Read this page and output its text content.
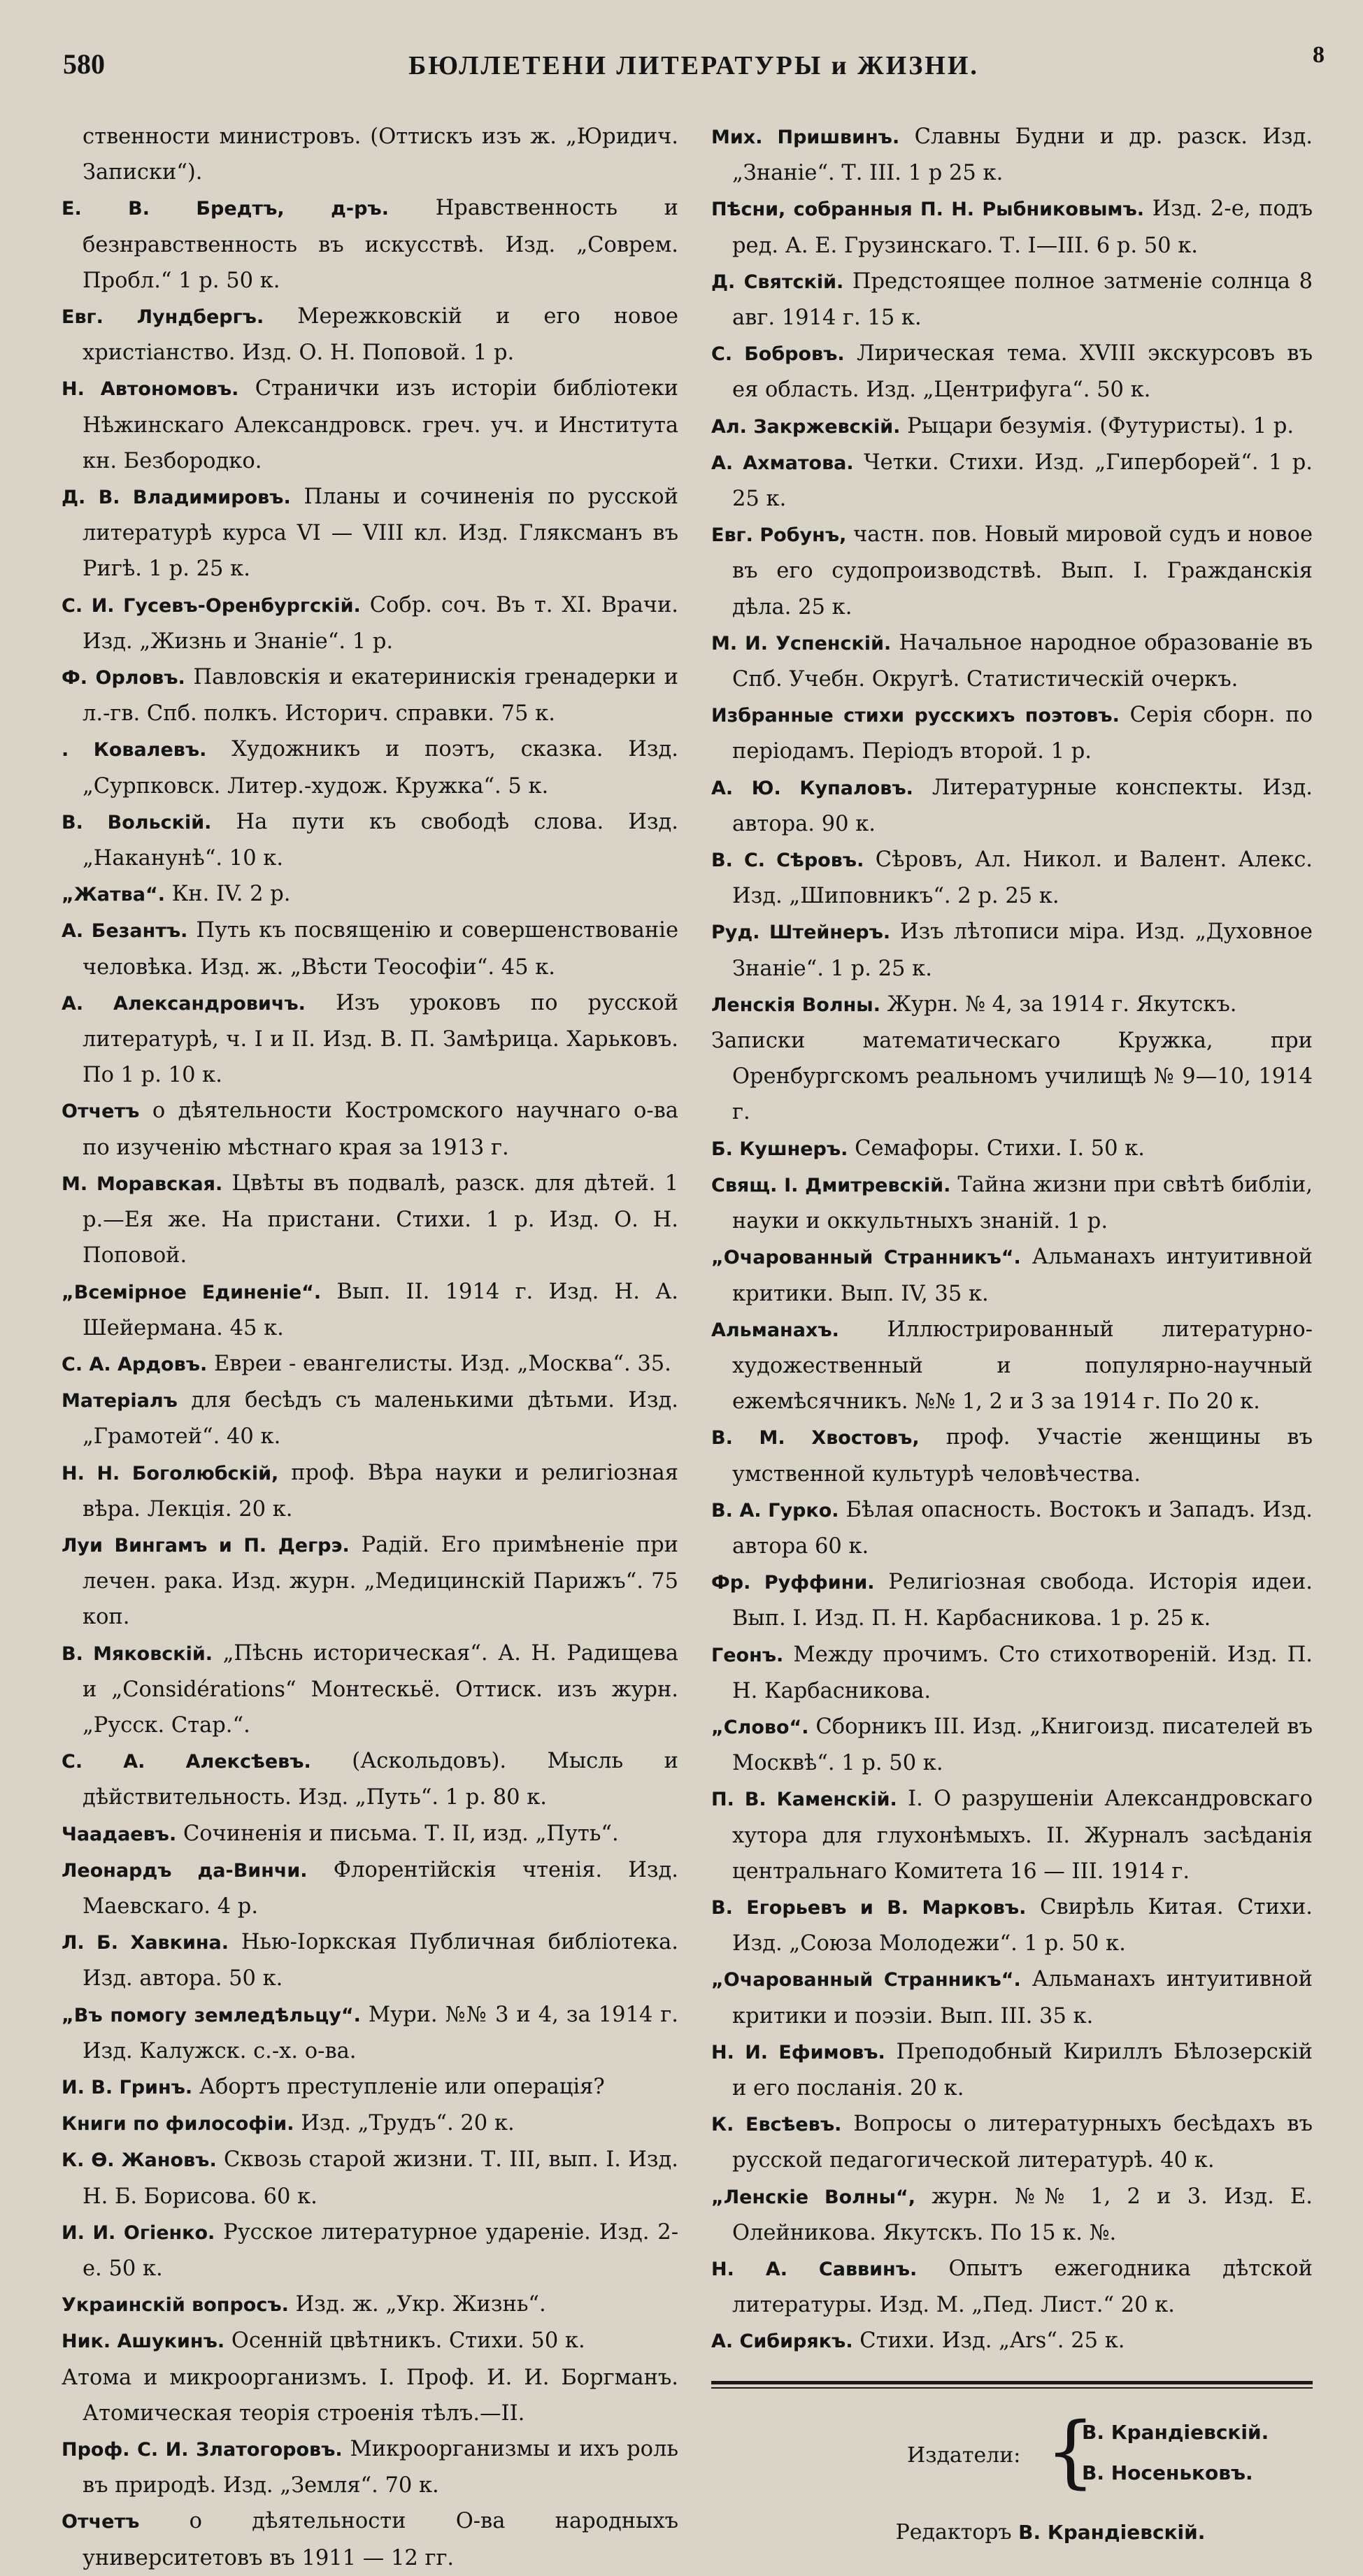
580	БЮЛЛЕТЕНИ ЛИТЕРАТУРЫ и ЖИЗНИ.	8
ственности министровъ. (Оттискъ изъ ж. „Юридич. Записки“).
Е. В. Бредтъ, д-ръ. Нравственность и безнравственность въ искусствѣ. Изд. „Соврем. Пробл.“ 1 р. 50 к.
Евг. Лундбергъ. Мережковскій и его новое христіанство. Изд. О. Н. Поповой. 1 р.
Н. Автономовъ. Странички изъ исторіи библіотеки Нѣжинскаго Александровск. греч. уч. и Института кн. Безбородко.
Д. В. Владимировъ. Планы и сочиненія по русской литературѣ курса VI — VIII кл. Изд. Гляксманъ въ Ригѣ. 1 р. 25 к.
С. И. Гусевъ-Оренбургскій. Собр. соч. Въ т. XI. Врачи. Изд. „Жизнь и Знаніе“. 1 р.
Ф. Орловъ. Павловскія и екатеринискія гренадерки и л.-гв. Спб. полкъ. Историч. справки. 75 к.
. Ковалевъ. Художникъ и поэтъ, сказка. Изд. „Сурпковск. Литер.-худож. Кружка“. 5 к.
В. Вольскій. На пути къ свободѣ слова. Изд. „Наканунѣ“. 10 к.
„Жатва“. Кн. IV. 2 р.
А. Безантъ. Путь къ посвященію и совершенствованіе человѣка. Изд. ж. „Вѣсти Теософіи“. 45 к.
А. Александровичъ. Изъ уроковъ по русской литературѣ, ч. I и II. Изд. В. П. Замѣрица. Харьковъ. По 1 р. 10 к.
Отчетъ о дѣятельности Костромского научнаго о-ва по изученію мѣстнаго края за 1913 г.
М. Моравская. Цвѣты въ подвалѣ, разск. для дѣтей. 1 р.—Ея же. На пристани. Стихи. 1 р. Изд. О. Н. Поповой.
„Всемірное Единеніе“. Вып. II. 1914 г. Изд. Н. А. Шейермана. 45 к.
С. А. Ардовъ. Евреи - евангелисты. Изд. „Москва“. 35.
Матеріалъ для бесѣдъ съ маленькими дѣтьми. Изд. „Грамотей“. 40 к.
Н. Н. Боголюбскій, проф. Вѣра науки и религіозная вѣра. Лекція. 20 к.
Луи Вингамъ и П. Дегрэ. Радій. Его примѣненіе при лечен. рака. Изд. журн. „Медицинскій Парижъ“. 75 коп.
В. Мяковскій. „Пѣснь историческая“. А. Н. Радищева и „Considérations“ Монтескьё. Оттиск. изъ журн. „Русск. Стар.“.
С. А. Алексѣевъ. (Аскольдовъ). Мысль и дѣйствительность. Изд. „Путь“. 1 р. 80 к.
Чаадаевъ. Сочиненія и письма. Т. II, изд. „Путь“.
Леонардъ да-Винчи. Флорентійскія чтенія. Изд. Маевскаго. 4 р.
Л. Б. Хавкина. Нью-Іоркская Публичная библіотека. Изд. автора. 50 к.
„Въ помогу земледѣльцу“. Мури. №№ 3 и 4, за 1914 г. Изд. Калужск. с.-х. о-ва.
И. В. Гринъ. Абортъ преступленіе или операція?
Книги по философіи. Изд. „Трудъ“. 20 к.
К. Ѳ. Жановъ. Сквозь старой жизни. Т. III, вып. I. Изд. Н. Б. Борисова. 60 к.
И. И. Огіенко. Русское литературное удареніе. Изд. 2-е. 50 к.
Украинскій вопросъ. Изд. ж. „Укр. Жизнь“.
Ник. Ашукинъ. Осенній цвѣтникъ. Стихи. 50 к.
Атома и микроорганизмъ. I. Проф. И. И. Боргманъ. Атомическая теорія строенія тѣлъ.—II.
Проф. С. И. Златогоровъ. Микроорганизмы и ихъ роль въ природѣ. Изд. „Земля“. 70 к.
Отчетъ о дѣятельности О-ва народныхъ университетовъ въ 1911 — 12 гг.
Мих. Пришвинъ. Славны Будни и др. разск. Изд. „Знаніе“. Т. III. 1 р 25 к.
Пѣсни, собранныя П. Н. Рыбниковымъ. Изд. 2-е, подъ ред. А. Е. Грузинскаго. Т. I—III. 6 р. 50 к.
Д. Святскій. Предстоящее полное затменіе солнца 8 авг. 1914 г. 15 к.
С. Бобровъ. Лирическая тема. XVIII экскурсовъ въ ея область. Изд. „Центрифуга“. 50 к.
Ал. Закржевскій. Рыцари безумія. (Футуристы). 1 р.
А. Ахматова. Четки. Стихи. Изд. „Гиперборей“. 1 р. 25 к.
Евг. Робунъ, частн. пов. Новый мировой судъ и новое въ его судопроизводствѣ. Вып. I. Гражданскія дѣла. 25 к.
М. И. Успенскій. Начальное народное образованіе въ Спб. Учебн. Округѣ. Статистическій очеркъ.
Избранные стихи русскихъ поэтовъ. Серія сборн. по періодамъ. Періодъ второй. 1 р.
А. Ю. Купаловъ. Литературные конспекты. Изд. автора. 90 к.
В. С. Сѣровъ. Сѣровъ, Ал. Никол. и Валент. Алекс. Изд. „Шиповникъ“. 2 р. 25 к.
Руд. Штейнеръ. Изъ лѣтописи міра. Изд. „Духовное Знаніе“. 1 р. 25 к.
Ленскія Волны. Журн. № 4, за 1914 г. Якутскъ.
Записки математическаго Кружка, при Оренбургскомъ реальномъ училищѣ № 9—10, 1914 г.
Б. Кушнеръ. Семафоры. Стихи. I. 50 к.
Свящ. I. Дмитревскій. Тайна жизни при свѣтѣ библіи, науки и оккультныхъ знаній. 1 р.
„Очарованный Странникъ“. Альманахъ интуитивной критики. Вып. IV, 35 к.
Альманахъ. Иллюстрированный литературно-художественный и популярно-научный ежемѣсячникъ. №№ 1, 2 и 3 за 1914 г. По 20 к.
В. М. Хвостовъ, проф. Участіе женщины въ умственной культурѣ человѣчества.
В. А. Гурко. Бѣлая опасность. Востокъ и Западъ. Изд. автора 60 к.
Фр. Руффини. Религіозная свобода. Исторія идеи. Вып. I. Изд. П. Н. Карбасникова. 1 р. 25 к.
Геонъ. Между прочимъ. Сто стихотвореній. Изд. П. Н. Карбасникова.
„Слово“. Сборникъ III. Изд. „Книгоизд. писателей въ Москвѣ“. 1 р. 50 к.
П. В. Каменскій. I. О разрушеніи Александровскаго хутора для глухонѣмыхъ. II. Журналъ засѣданія центральнаго Комитета 16 — III. 1914 г.
В. Егорьевъ и В. Марковъ. Свирѣль Китая. Стихи. Изд. „Союза Молодежи“. 1 р. 50 к.
„Очарованный Странникъ“. Альманахъ интуитивной критики и поэзіи. Вып. III. 35 к.
Н. И. Ефимовъ. Преподобный Кириллъ Бѣлозерскій и его посланія. 20 к.
К. Евсѣевъ. Вопросы о литературныхъ бесѣдахъ въ русской педагогической литературѣ. 40 к.
„Ленскіе Волны“, журн. №№ 1, 2 и 3. Изд. Е. Олейникова. Якутскъ. По 15 к. №.
Н. А. Саввинъ. Опытъ ежегодника дѣтской литературы. Изд. М. „Пед. Лист.“ 20 к.
А. Сибирякъ. Стихи. Изд. „Ars“. 25 к.
Издатели: {
В. Крандіевскій.
В. Носеньковъ.
Редакторъ В. Крандіевскій.
